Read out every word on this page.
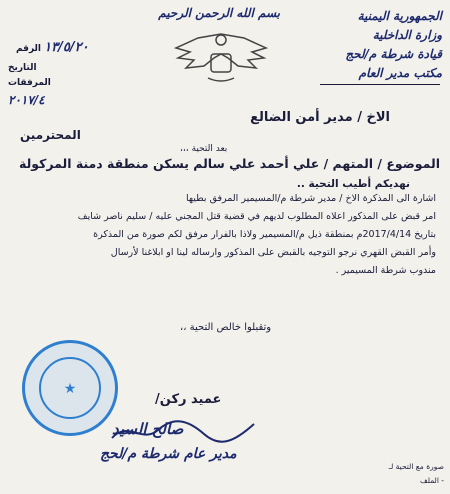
الجمهورية اليمنية
وزارة الداخلية
قيادة شرطة م/لحج
مكتب مدير العام
بسم الله الرحمن الرحيم
١٣/٥/٢٠ الرقم
التاريخ
المرفقات
٢٠١٧/٤
الاخ / مدير أمن الضالع
المحترمين
بعد التحية ،،،
الموضوع / المتهم / علي أحمد علي سالم يسكن منطقة دمنة المركولة
نهديكم أطيب التحية ..
اشارة الى المذكرة الاخ / مدير شرطة م/المسيمير المرفق بطيها
امر قبض على المذكور اعلاه المطلوب لديهم في قضية قتل المجني عليه / سليم ناصر شايف
بتاريخ 2017/4/14م بمنطقة ذيل م/المسيمير ولاذا بالفرار مرفق لكم صورة من المذكرة
وأمر القبض القهري نرجو التوجيه بالقبض على المذكور وارساله لينا او ابلاغنا لأرسال
مندوب شرطة المسيمير .
وتقبلوا خالص التحية ،،
★
عميد ركن/
صالح السيد
مدير عام شرطة م/لحج
صورة مع التحية لـ
- الملف
